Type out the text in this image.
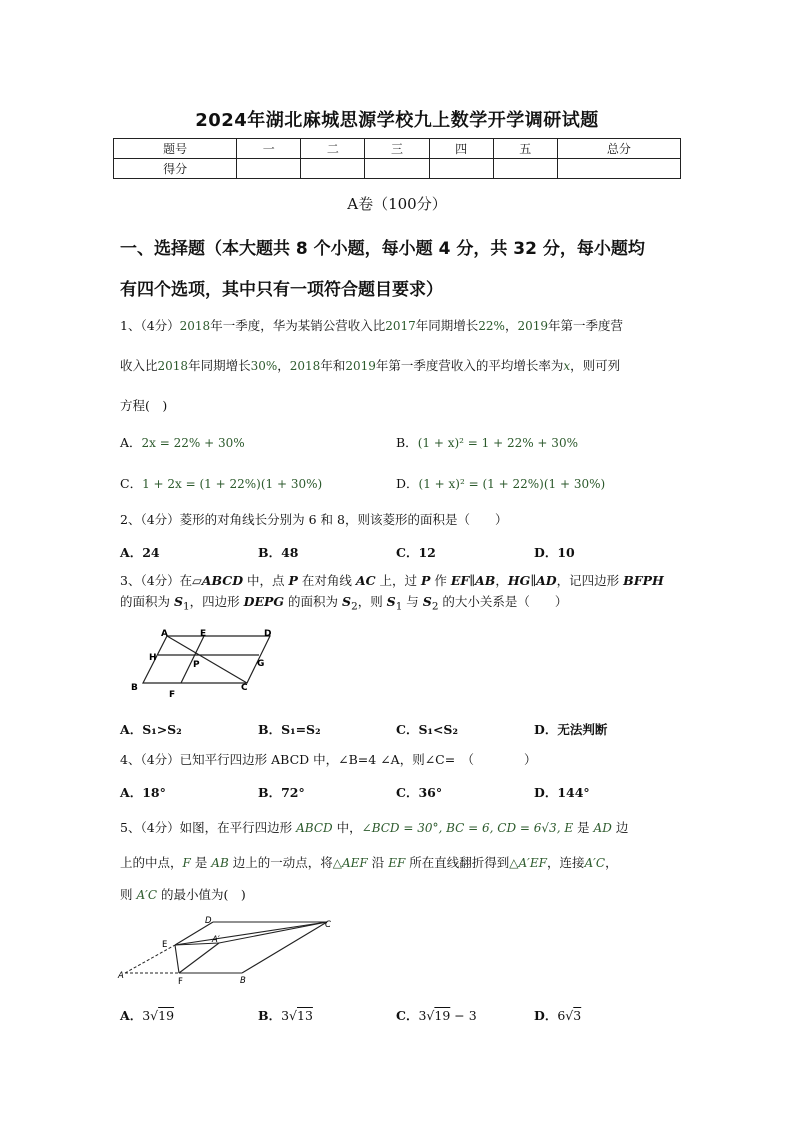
2024年湖北麻城思源学校九上数学开学调研试题
题号	一	二	三	四	五	总分
得分						
A卷（100分）
一、选择题（本大题共 8 个小题，每小题 4 分，共 32 分，每小题均
有四个选项，其中只有一项符合题目要求）
1、（4分）2018年一季度，华为某销公营收入比2017年同期增长22%，2019年第一季度营
收入比2018年同期增长30%，2018年和2019年第一季度营收入的平均增长率为x，则可列
方程(　)
A．2x = 22% + 30%	B．(1 + x)² = 1 + 22% + 30%
C．1 + 2x = (1 + 22%)(1 + 30%)	D．(1 + x)² = (1 + 22%)(1 + 30%)
2、（4分）菱形的对角线长分别为 6 和 8，则该菱形的面积是（　　）
A．24	B．48	C．12	D．10
3、（4分）在▱ABCD 中，点 P 在对角线 AC 上，过 P 作 EF∥AB，HG∥AD，记四边形 BFPH
的面积为 $S_1$，四边形 DEPG 的面积为 $S_2$，则 $S_1$ 与 $S_2$ 的大小关系是（　　）
A	E	D
H
P	G
B
F
C
A．S₁>S₂	B．S₁=S₂	C．S₁<S₂	D．无法判断
4、（4分）已知平行四边形 ABCD 中，∠B=4 ∠A，则∠C=　（　　　　）
A．18°	B．72°	C．36°	D．144°
5、（4分）如图，在平行四边形 ABCD 中，∠BCD = 30°, BC = 6, CD = 6√3, E 是 AD 边
上的中点，F 是 AB 边上的一动点，将△AEF 沿 EF 所在直线翻折得到△A′EF，连接A′C，
则 A′C 的最小值为(　)
D	C
E	A′
A
F	B
A．3√19	B．3√13	C．3√19 − 3	D．6√3
